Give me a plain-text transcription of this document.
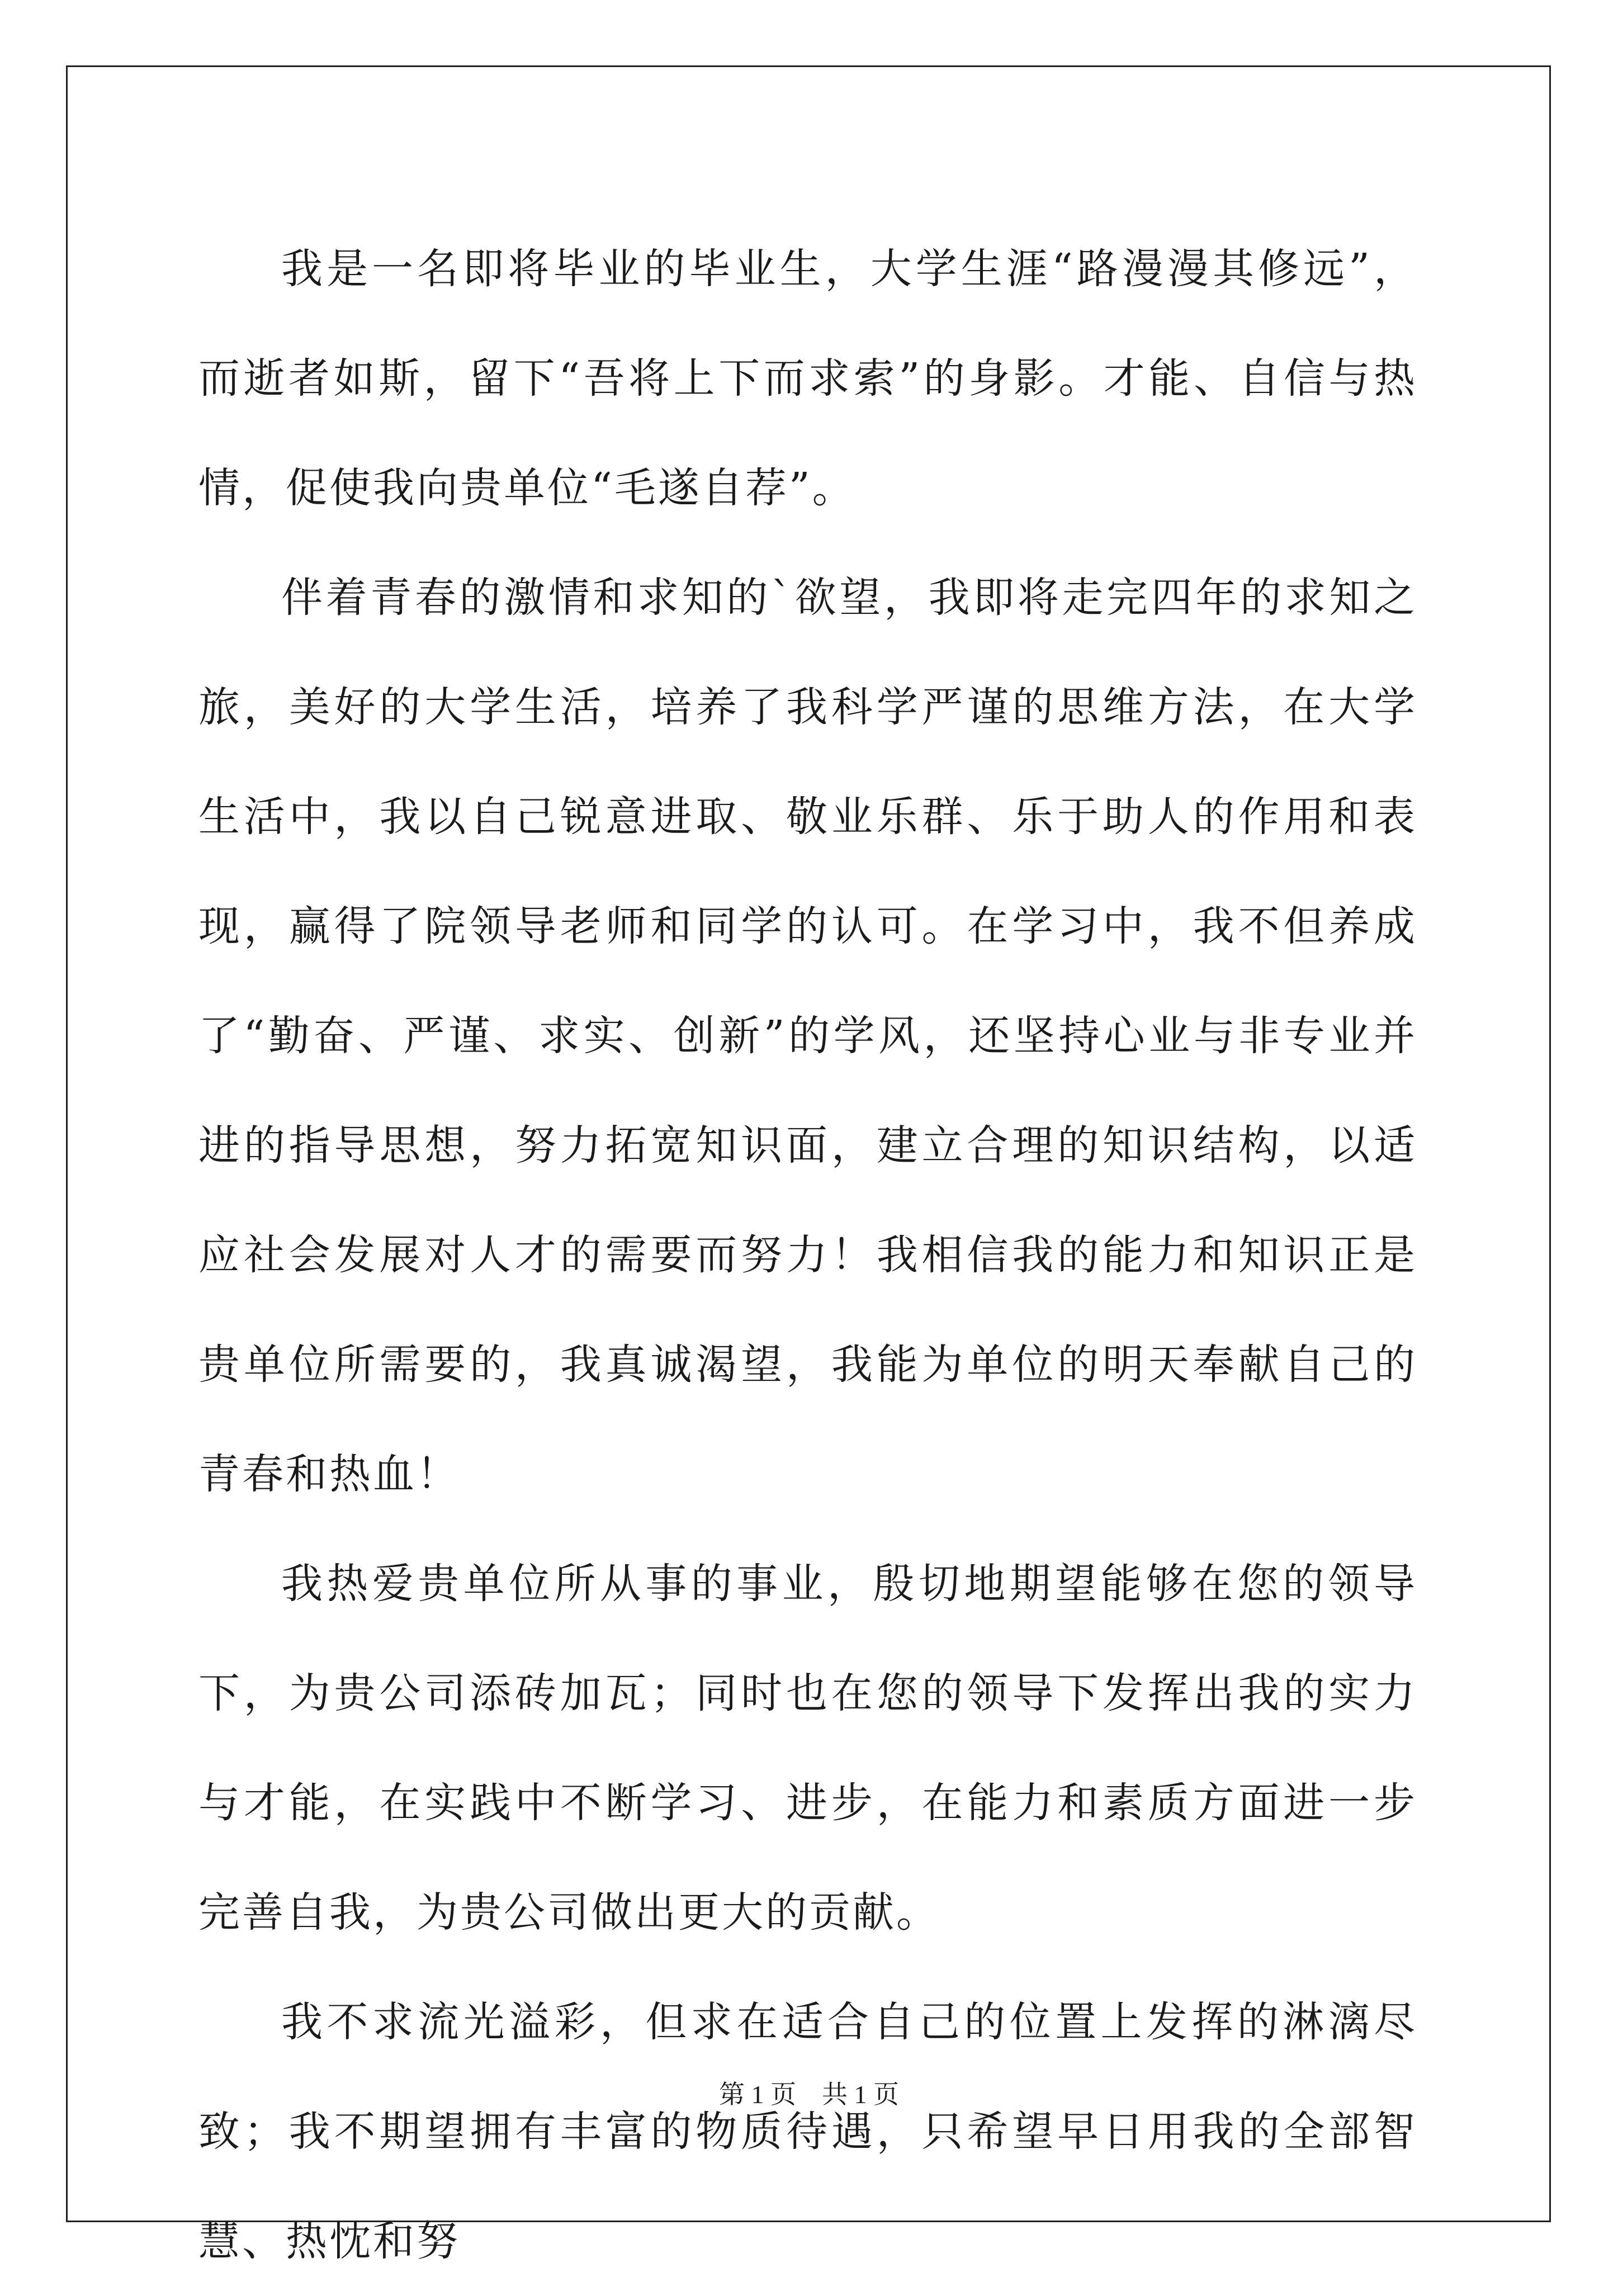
我是一名即将毕业的毕业生，大学生涯“路漫漫其修远”，而逝者如斯，留下“吾将上下而求索”的身影。才能、自信与热情，促使我向贵单位“毛遂自荐”。

伴着青春的激情和求知的`欲望，我即将走完四年的求知之旅，美好的大学生活，培养了我科学严谨的思维方法，在大学生活中，我以自己锐意进取、敬业乐群、乐于助人的作用和表现，赢得了院领导老师和同学的认可。在学习中，我不但养成了“勤奋、严谨、求实、创新”的学风，还坚持心业与非专业并进的指导思想，努力拓宽知识面，建立合理的知识结构，以适应社会发展对人才的需要而努力！我相信我的能力和知识正是贵单位所需要的，我真诚渴望，我能为单位的明天奉献自己的青春和热血！

我热爱贵单位所从事的事业，殷切地期望能够在您的领导下，为贵公司添砖加瓦；同时也在您的领导下发挥出我的实力与才能，在实践中不断学习、进步，在能力和素质方面进一步完善自我，为贵公司做出更大的贡献。

我不求流光溢彩，但求在适合自己的位置上发挥的淋漓尽致；我不期望拥有丰富的物质待遇，只希望早日用我的全部智慧、热忱和努

第 1 页    共 1 页
